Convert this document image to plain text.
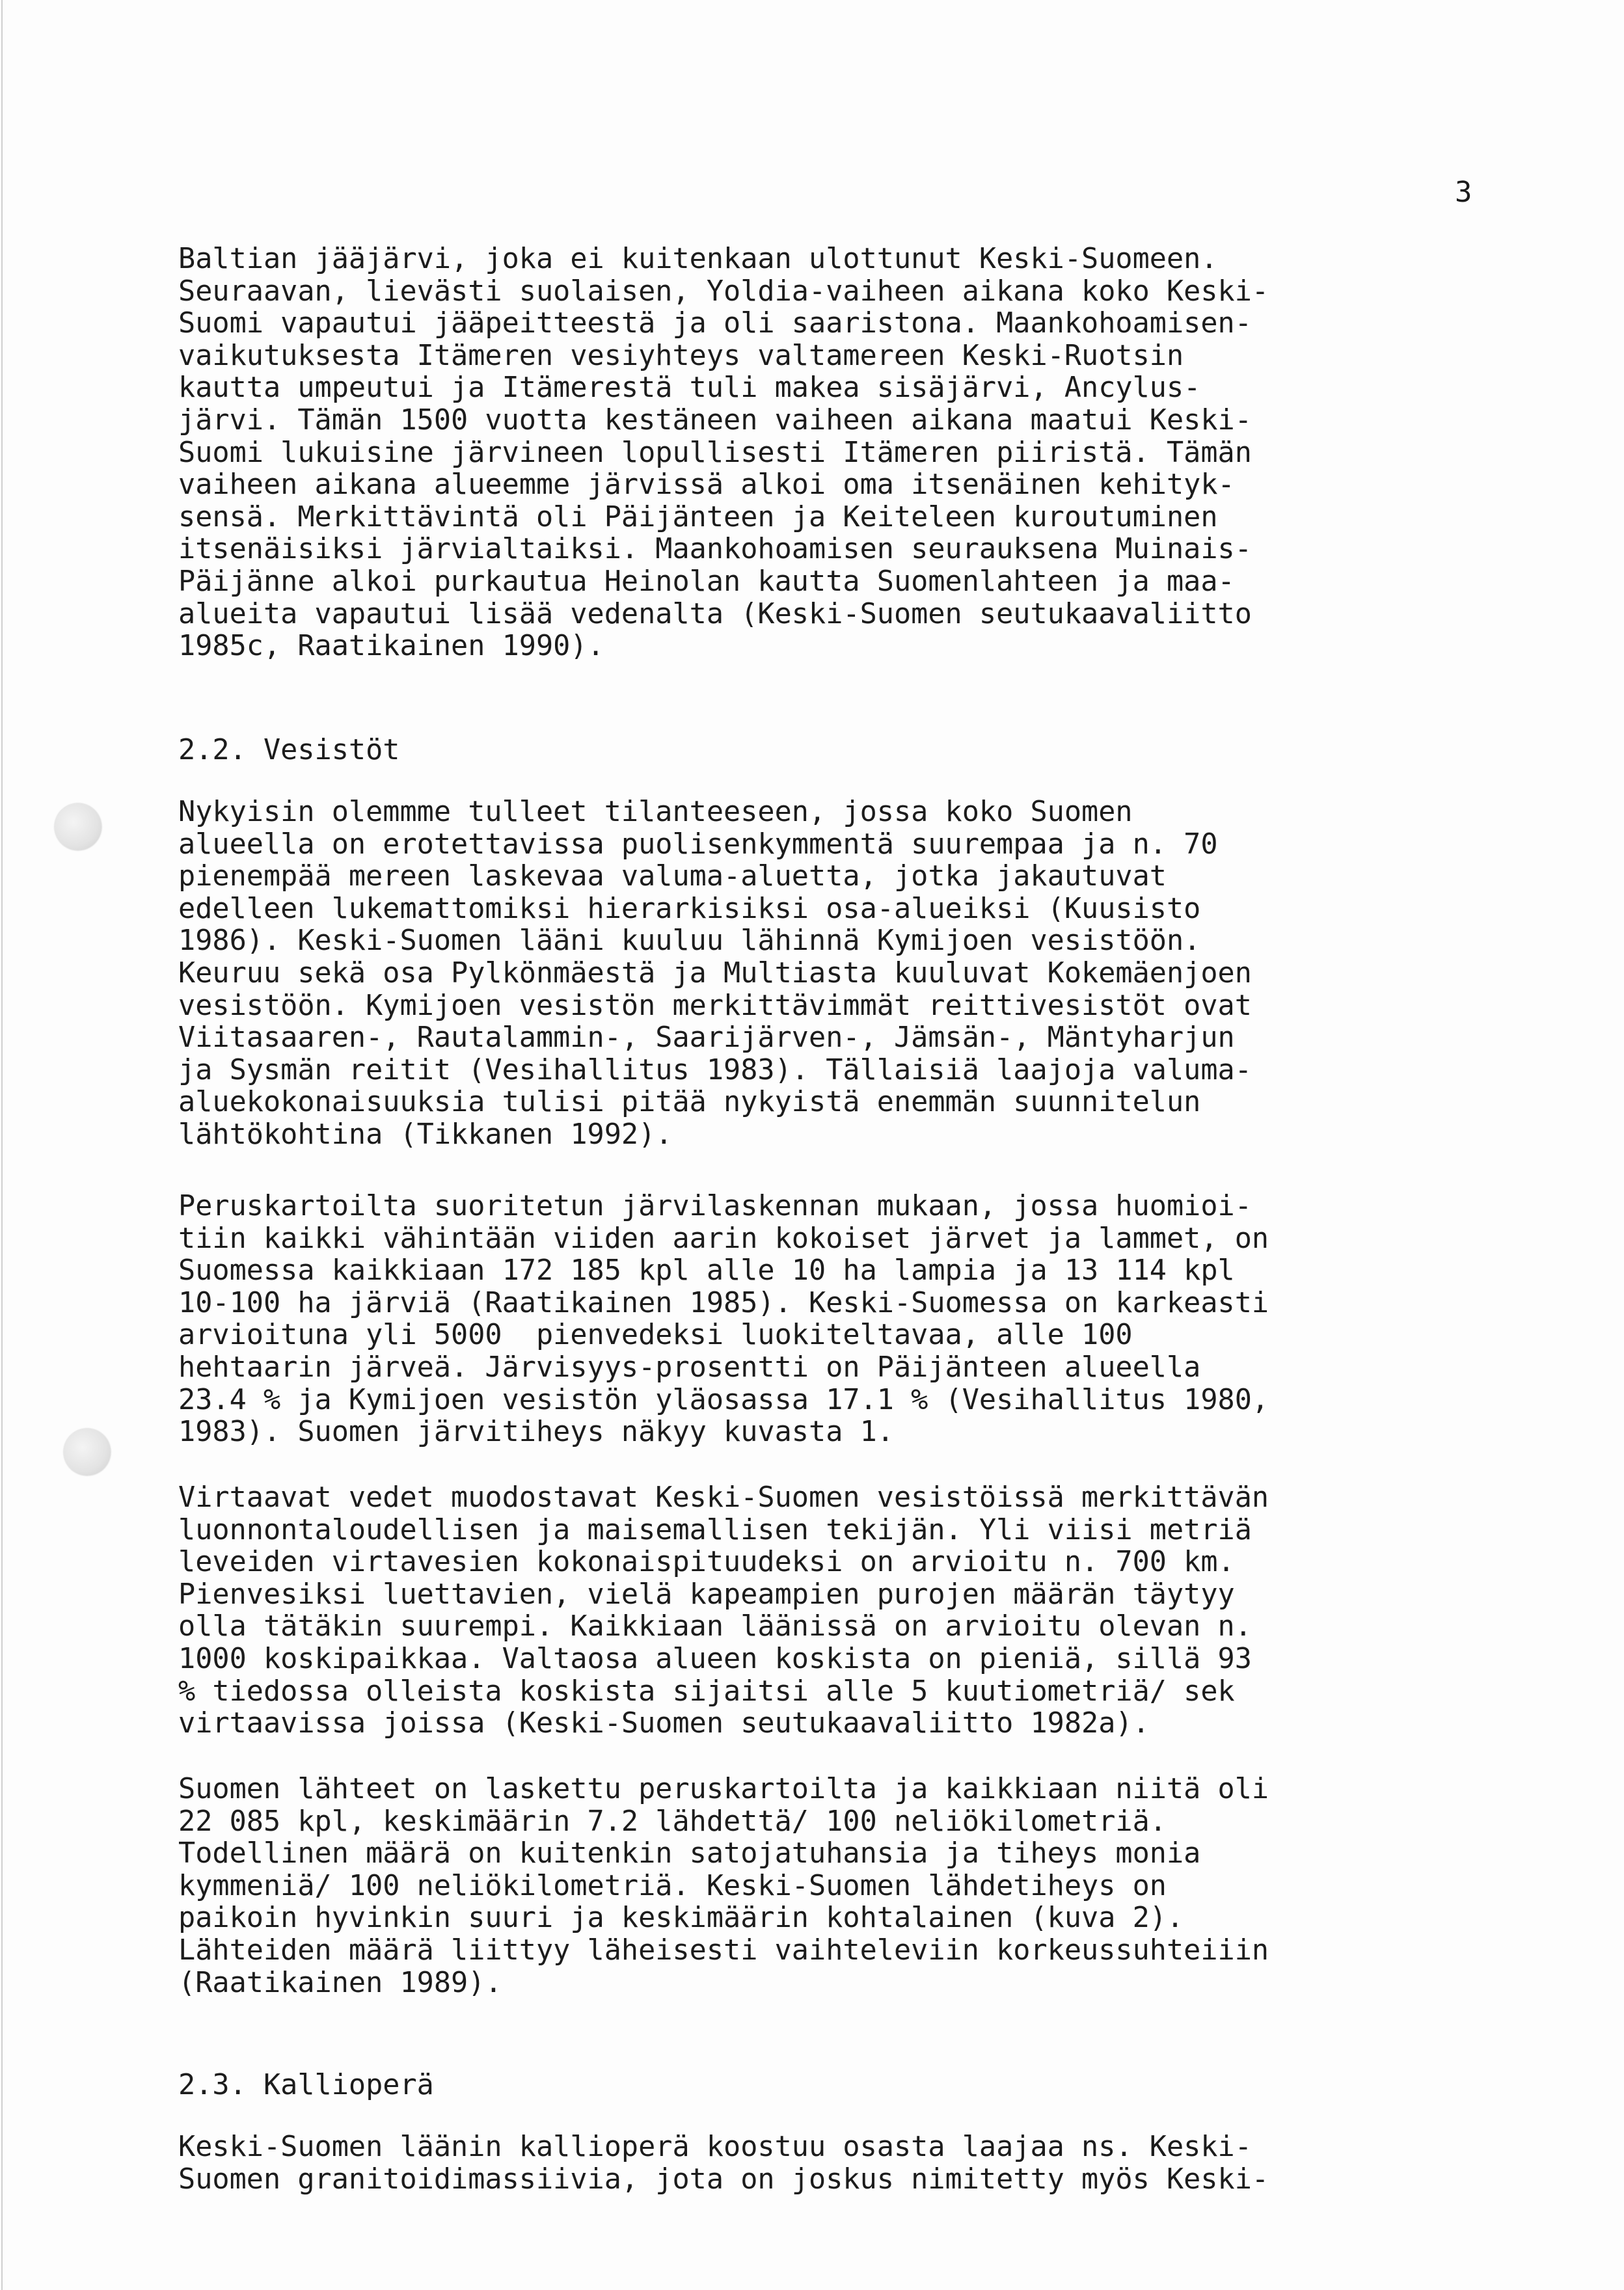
3

Baltian jääjärvi, joka ei kuitenkaan ulottunut Keski-Suomeen.
Seuraavan, lievästi suolaisen, Yoldia-vaiheen aikana koko Keski-
Suomi vapautui jääpeitteestä ja oli saaristona. Maankohoamisen-
vaikutuksesta Itämeren vesiyhteys valtamereen Keski-Ruotsin
kautta umpeutui ja Itämerestä tuli makea sisäjärvi, Ancylus-
järvi. Tämän 1500 vuotta kestäneen vaiheen aikana maatui Keski-
Suomi lukuisine järvineen lopullisesti Itämeren piiristä. Tämän
vaiheen aikana alueemme järvissä alkoi oma itsenäinen kehityk-
sensä. Merkittävintä oli Päijänteen ja Keiteleen kuroutuminen
itsenäisiksi järvialtaiksi. Maankohoamisen seurauksena Muinais-
Päijänne alkoi purkautua Heinolan kautta Suomenlahteen ja maa-
alueita vapautui lisää vedenalta (Keski-Suomen seutukaavaliitto
1985c, Raatikainen 1990).

2.2. Vesistöt

Nykyisin olemmme tulleet tilanteeseen, jossa koko Suomen
alueella on erotettavissa puolisenkymmentä suurempaa ja n. 70
pienempää mereen laskevaa valuma-aluetta, jotka jakautuvat
edelleen lukemattomiksi hierarkisiksi osa-alueiksi (Kuusisto
1986). Keski-Suomen lääni kuuluu lähinnä Kymijoen vesistöön.
Keuruu sekä osa Pylkönmäestä ja Multiasta kuuluvat Kokemäenjoen
vesistöön. Kymijoen vesistön merkittävimmät reittivesistöt ovat
Viitasaaren-, Rautalammin-, Saarijärven-, Jämsän-, Mäntyharjun
ja Sysmän reitit (Vesihallitus 1983). Tällaisiä laajoja valuma-
aluekokonaisuuksia tulisi pitää nykyistä enemmän suunnitelun
lähtökohtina (Tikkanen 1992).

Peruskartoilta suoritetun järvilaskennan mukaan, jossa huomioi-
tiin kaikki vähintään viiden aarin kokoiset järvet ja lammet, on
Suomessa kaikkiaan 172 185 kpl alle 10 ha lampia ja 13 114 kpl
10-100 ha järviä (Raatikainen 1985). Keski-Suomessa on karkeasti
arvioituna yli 5000  pienvedeksi luokiteltavaa, alle 100
hehtaarin järveä. Järvisyys-prosentti on Päijänteen alueella
23.4 % ja Kymijoen vesistön yläosassa 17.1 % (Vesihallitus 1980,
1983). Suomen järvitiheys näkyy kuvasta 1.

Virtaavat vedet muodostavat Keski-Suomen vesistöissä merkittävän
luonnontaloudellisen ja maisemallisen tekijän. Yli viisi metriä
leveiden virtavesien kokonaispituudeksi on arvioitu n. 700 km.
Pienvesiksi luettavien, vielä kapeampien purojen määrän täytyy
olla tätäkin suurempi. Kaikkiaan läänissä on arvioitu olevan n.
1000 koskipaikkaa. Valtaosa alueen koskista on pieniä, sillä 93
% tiedossa olleista koskista sijaitsi alle 5 kuutiometriä/ sek
virtaavissa joissa (Keski-Suomen seutukaavaliitto 1982a).

Suomen lähteet on laskettu peruskartoilta ja kaikkiaan niitä oli
22 085 kpl, keskimäärin 7.2 lähdettä/ 100 neliökilometriä.
Todellinen määrä on kuitenkin satojatuhansia ja tiheys monia
kymmeniä/ 100 neliökilometriä. Keski-Suomen lähdetiheys on
paikoin hyvinkin suuri ja keskimäärin kohtalainen (kuva 2).
Lähteiden määrä liittyy läheisesti vaihteleviin korkeussuhteiiin
(Raatikainen 1989).

2.3. Kallioperä

Keski-Suomen läänin kallioperä koostuu osasta laajaa ns. Keski-
Suomen granitoidimassiivia, jota on joskus nimitetty myös Keski-
